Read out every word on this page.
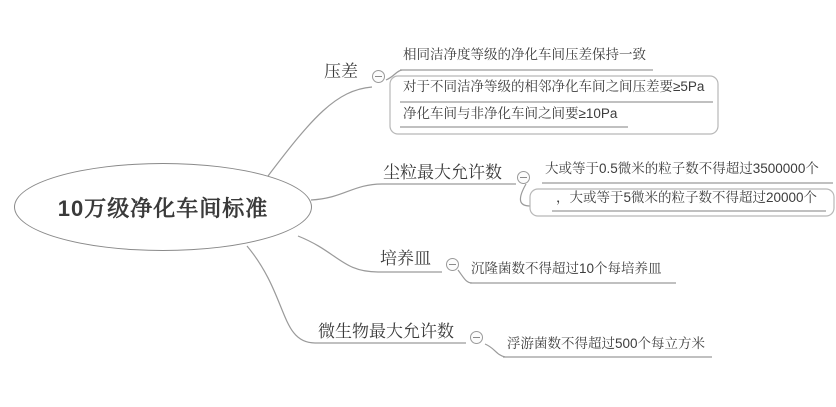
10万级净化车间标准
压差
相同洁净度等级的净化车间压差保持一致
对于不同洁净等级的相邻净化车间之间压差要≥5Pa
净化车间与非净化车间之间要≥10Pa
尘粒最大允许数	大或等于0.5微米的粒子数不得超过3500000个
，大或等于5微米的粒子数不得超过20000个
培养皿
沉隆菌数不得超过10个每培养皿
微生物最大允许数
浮游菌数不得超过500个每立方米
